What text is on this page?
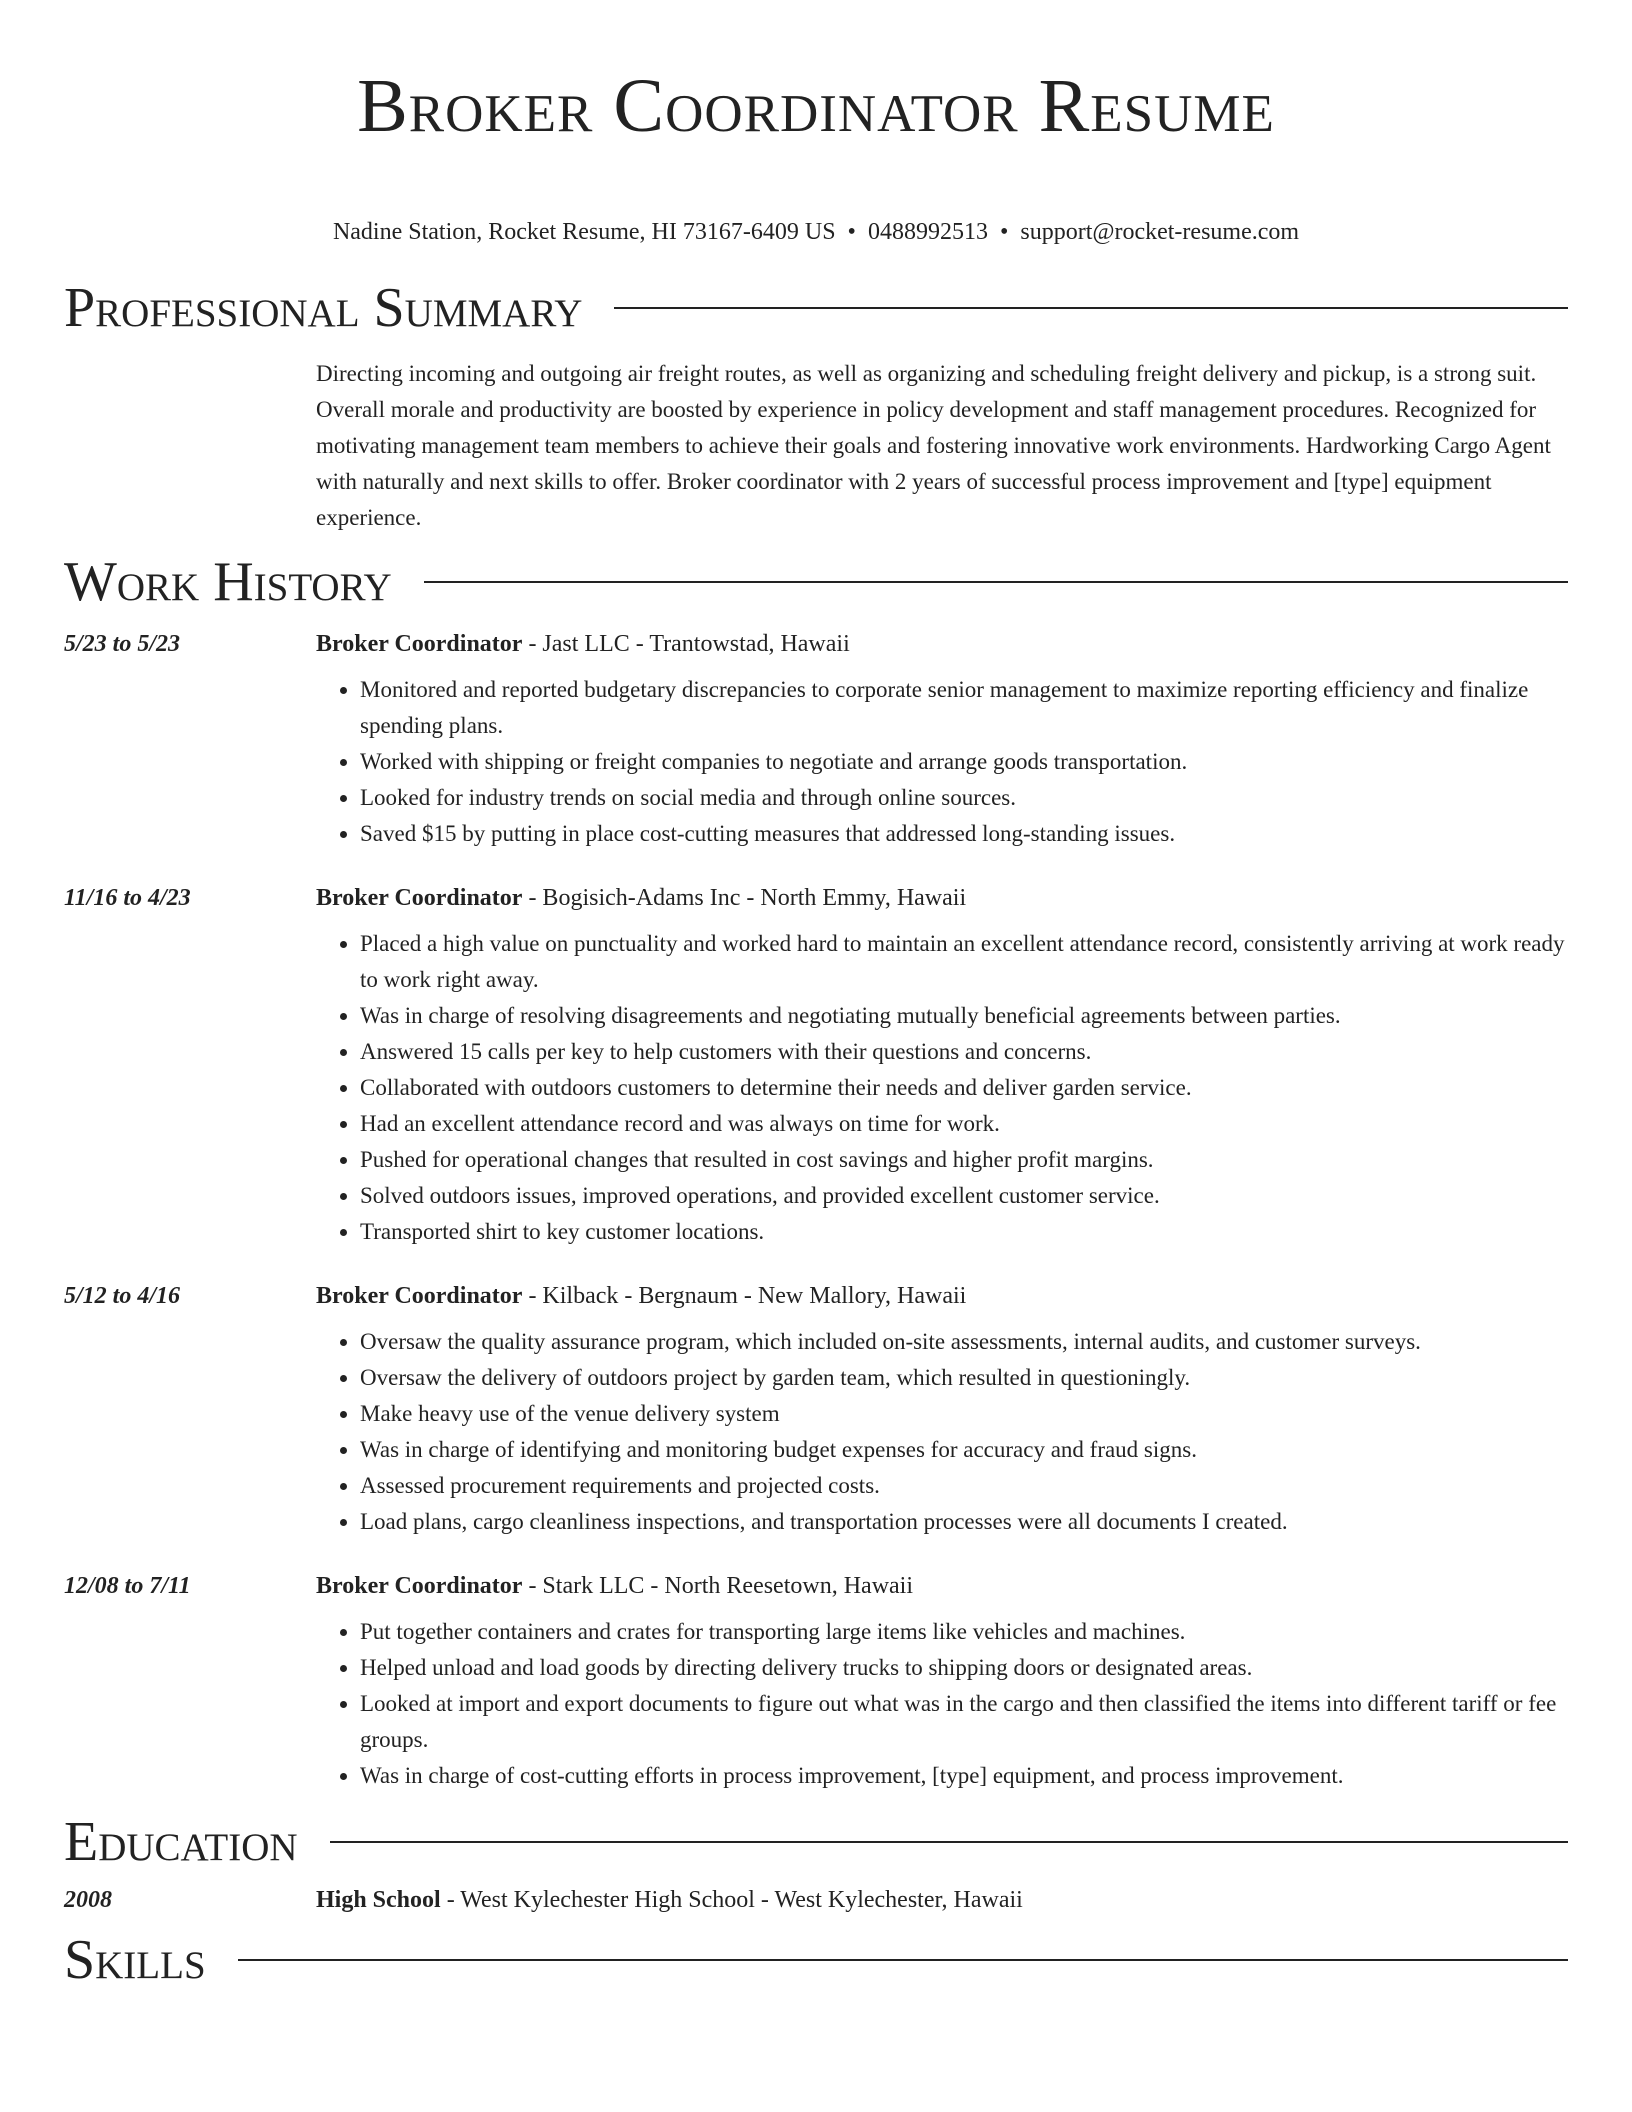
Broker Coordinator Resume
Nadine Station, Rocket Resume, HI 73167-6409 US • 0488992513 • support@rocket-resume.com
Professional Summary
Directing incoming and outgoing air freight routes, as well as organizing and scheduling freight delivery and pickup, is a strong suit. Overall morale and productivity are boosted by experience in policy development and staff management procedures. Recognized for motivating management team members to achieve their goals and fostering innovative work environments. Hardworking Cargo Agent with naturally and next skills to offer. Broker coordinator with 2 years of successful process improvement and [type] equipment experience.
Work History
5/23 to 5/23	Broker Coordinator - Jast LLC - Trantowstad, Hawaii
• Monitored and reported budgetary discrepancies to corporate senior management to maximize reporting efficiency and finalize spending plans.
• Worked with shipping or freight companies to negotiate and arrange goods transportation.
• Looked for industry trends on social media and through online sources.
• Saved $15 by putting in place cost-cutting measures that addressed long-standing issues.
11/16 to 4/23	Broker Coordinator - Bogisich-Adams Inc - North Emmy, Hawaii
• Placed a high value on punctuality and worked hard to maintain an excellent attendance record, consistently arriving at work ready to work right away.
• Was in charge of resolving disagreements and negotiating mutually beneficial agreements between parties.
• Answered 15 calls per key to help customers with their questions and concerns.
• Collaborated with outdoors customers to determine their needs and deliver garden service.
• Had an excellent attendance record and was always on time for work.
• Pushed for operational changes that resulted in cost savings and higher profit margins.
• Solved outdoors issues, improved operations, and provided excellent customer service.
• Transported shirt to key customer locations.
5/12 to 4/16	Broker Coordinator - Kilback - Bergnaum - New Mallory, Hawaii
• Oversaw the quality assurance program, which included on-site assessments, internal audits, and customer surveys.
• Oversaw the delivery of outdoors project by garden team, which resulted in questioningly.
• Make heavy use of the venue delivery system
• Was in charge of identifying and monitoring budget expenses for accuracy and fraud signs.
• Assessed procurement requirements and projected costs.
• Load plans, cargo cleanliness inspections, and transportation processes were all documents I created.
12/08 to 7/11	Broker Coordinator - Stark LLC - North Reesetown, Hawaii
• Put together containers and crates for transporting large items like vehicles and machines.
• Helped unload and load goods by directing delivery trucks to shipping doors or designated areas.
• Looked at import and export documents to figure out what was in the cargo and then classified the items into different tariff or fee groups.
• Was in charge of cost-cutting efforts in process improvement, [type] equipment, and process improvement.
Education
2008	High School - West Kylechester High School - West Kylechester, Hawaii
Skills
